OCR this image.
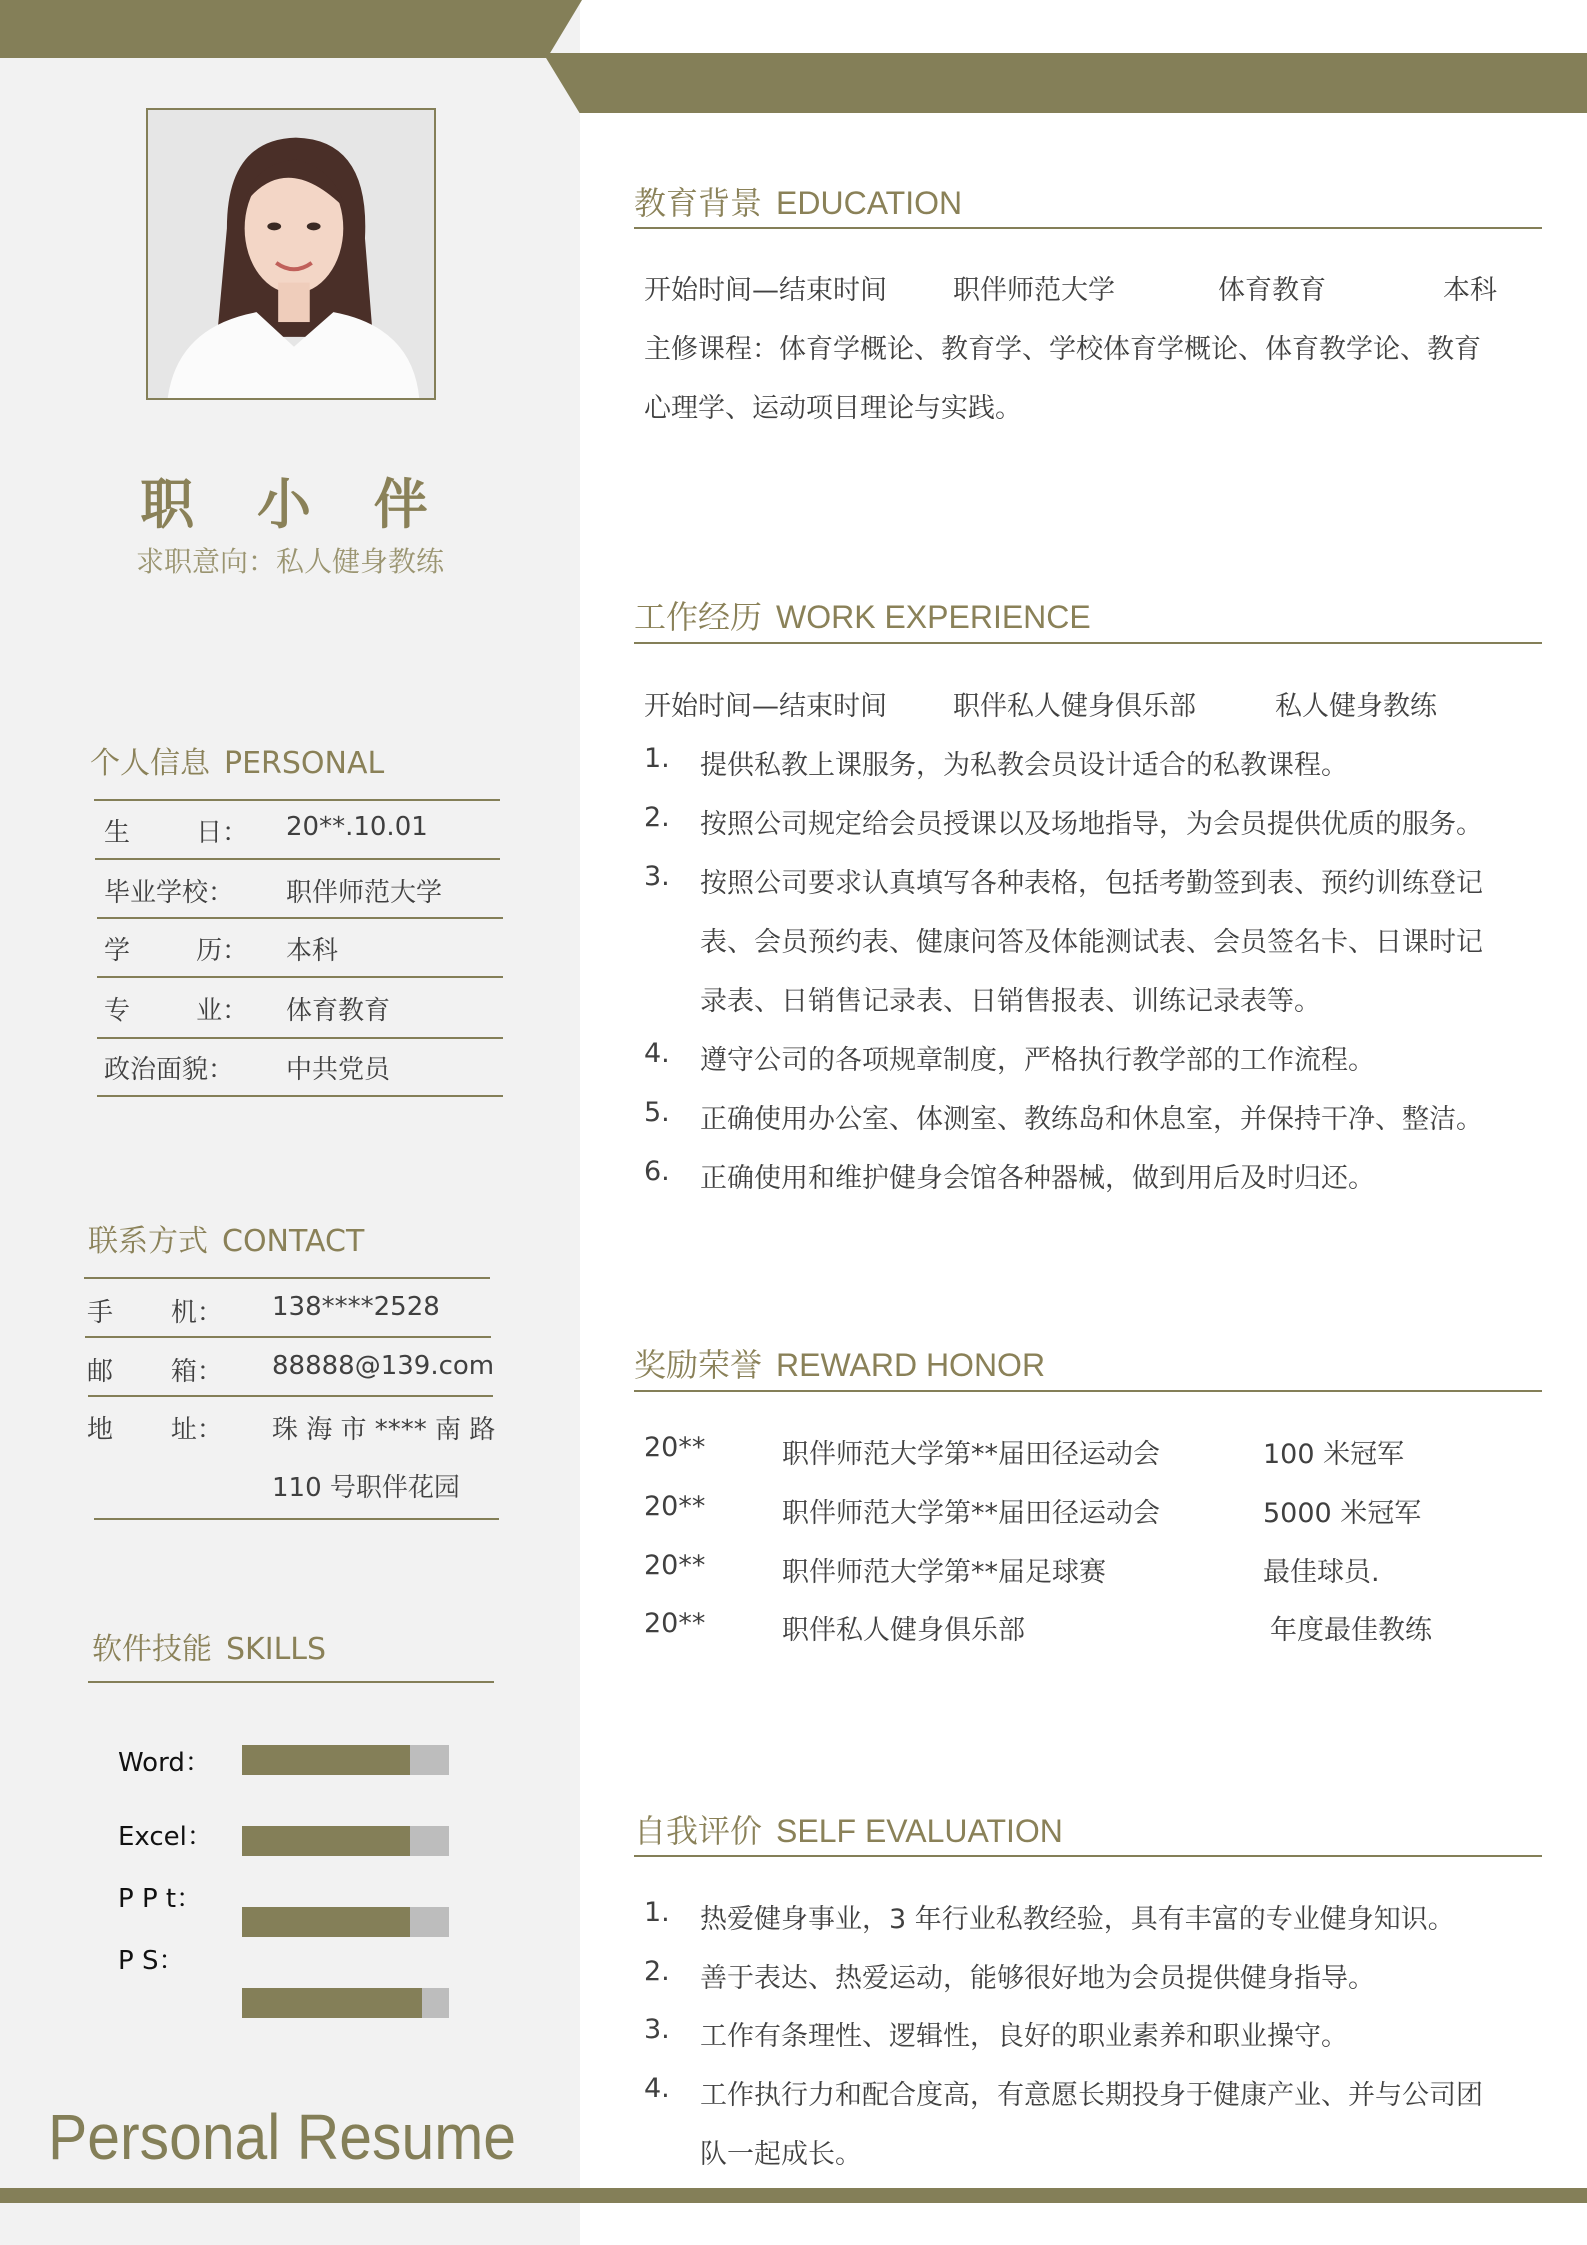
职 小 伴
求职意向：私人健身教练
个人信息 PERSONAL
生        日： 20**.10.01
毕业学校： 职伴师范大学
学        历： 本科
专        业： 体育教育
政治面貌： 中共党员
联系方式 CONTACT
手       机： 138****2528
邮       箱： 88888@139.com
地       址： 珠 海 市 **** 南 路
110 号职伴花园
软件技能 SKILLS
Word：
Excel：
P P t：
P S：
Personal Resume
教育背景 EDUCATION
开始时间—结束时间 职伴师范大学	体育教育	本科
主修课程：体育学概论、教育学、学校体育学概论、体育教学论、教育
心理学、运动项目理论与实践。
工作经历 WORK EXPERIENCE
开始时间—结束时间 职伴私人健身俱乐部	私人健身教练
1. 提供私教上课服务，为私教会员设计适合的私教课程。
2. 按照公司规定给会员授课以及场地指导，为会员提供优质的服务。
3. 按照公司要求认真填写各种表格，包括考勤签到表、预约训练登记
表、会员预约表、健康问答及体能测试表、会员签名卡、日课时记
录表、日销售记录表、日销售报表、训练记录表等。
4. 遵守公司的各项规章制度，严格执行教学部的工作流程。
5. 正确使用办公室、体测室、教练岛和休息室，并保持干净、整洁。
6. 正确使用和维护健身会馆各种器械，做到用后及时归还。
奖励荣誉 REWARD HONOR
20**	职伴师范大学第**届田径运动会	100 米冠军
20**	职伴师范大学第**届田径运动会	5000 米冠军
20**	职伴师范大学第**届足球赛	最佳球员.
20**	职伴私人健身俱乐部	年度最佳教练
自我评价 SELF EVALUATION
1. 热爱健身事业，3 年行业私教经验，具有丰富的专业健身知识。
2. 善于表达、热爱运动，能够很好地为会员提供健身指导。
3. 工作有条理性、逻辑性，良好的职业素养和职业操守。
4. 工作执行力和配合度高，有意愿长期投身于健康产业、并与公司团
队一起成长。
